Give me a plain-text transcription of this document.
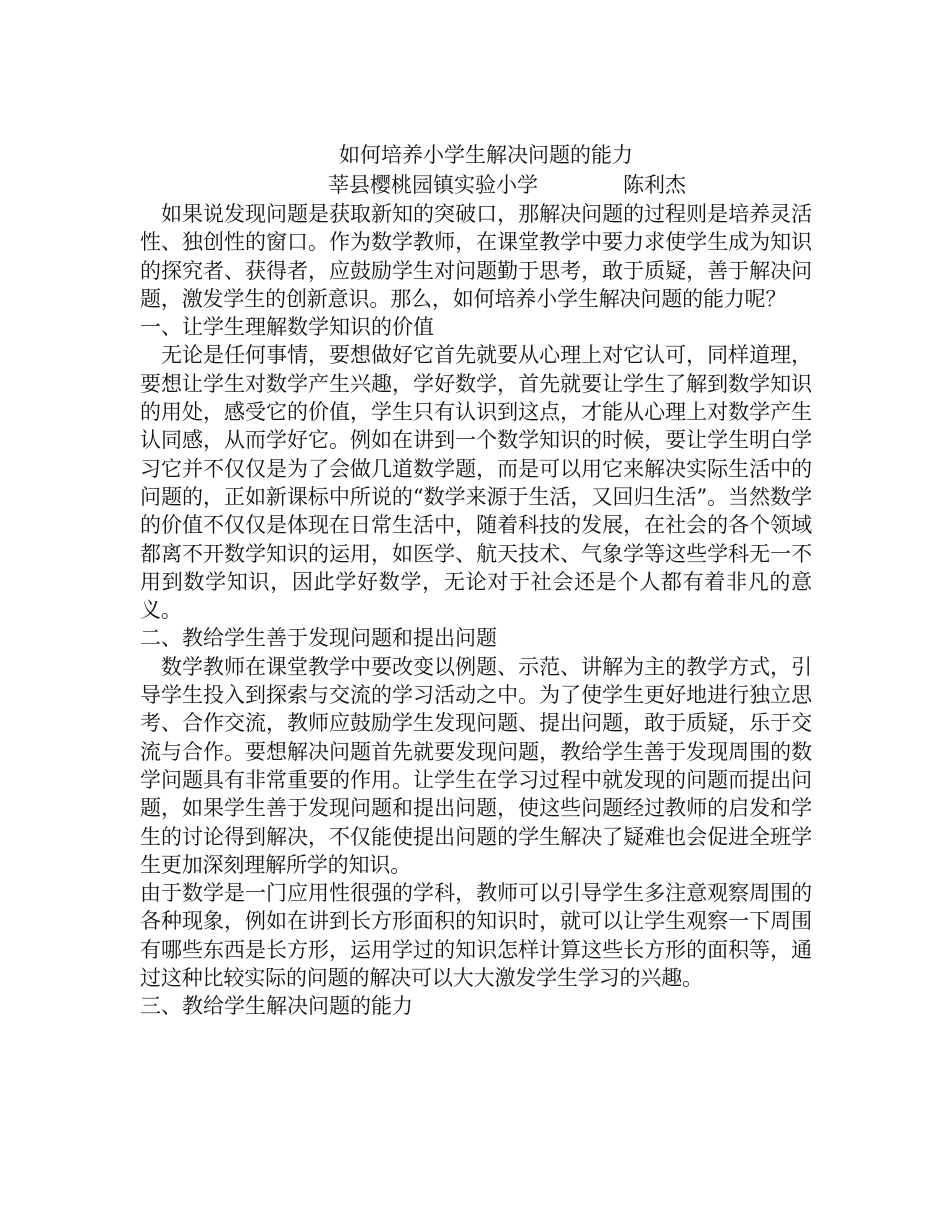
如何培养小学生解决问题的能力

莘县樱桃园镇实验小学	陈利杰

如果说发现问题是获取新知的突破口，那解决问题的过程则是培养灵活性、独创性的窗口。作为数学教师，在课堂教学中要力求使学生成为知识的探究者、获得者，应鼓励学生对问题勤于思考，敢于质疑，善于解决问题，激发学生的创新意识。那么，如何培养小学生解决问题的能力呢？

一、让学生理解数学知识的价值

无论是任何事情，要想做好它首先就要从心理上对它认可，同样道理，要想让学生对数学产生兴趣，学好数学，首先就要让学生了解到数学知识的用处，感受它的价值，学生只有认识到这点，才能从心理上对数学产生认同感，从而学好它。例如在讲到一个数学知识的时候，要让学生明白学习它并不仅仅是为了会做几道数学题，而是可以用它来解决实际生活中的问题的，正如新课标中所说的“数学来源于生活，又回归生活”。当然数学的价值不仅仅是体现在日常生活中，随着科技的发展，在社会的各个领域都离不开数学知识的运用，如医学、航天技术、气象学等这些学科无一不用到数学知识，因此学好数学，无论对于社会还是个人都有着非凡的意义。

二、教给学生善于发现问题和提出问题

数学教师在课堂教学中要改变以例题、示范、讲解为主的教学方式，引导学生投入到探索与交流的学习活动之中。为了使学生更好地进行独立思考、合作交流，教师应鼓励学生发现问题、提出问题，敢于质疑，乐于交流与合作。要想解决问题首先就要发现问题，教给学生善于发现周围的数学问题具有非常重要的作用。让学生在学习过程中就发现的问题而提出问题，如果学生善于发现问题和提出问题，使这些问题经过教师的启发和学生的讨论得到解决，不仅能使提出问题的学生解决了疑难也会促进全班学生更加深刻理解所学的知识。

由于数学是一门应用性很强的学科，教师可以引导学生多注意观察周围的各种现象，例如在讲到长方形面积的知识时，就可以让学生观察一下周围有哪些东西是长方形，运用学过的知识怎样计算这些长方形的面积等，通过这种比较实际的问题的解决可以大大激发学生学习的兴趣。

三、教给学生解决问题的能力
